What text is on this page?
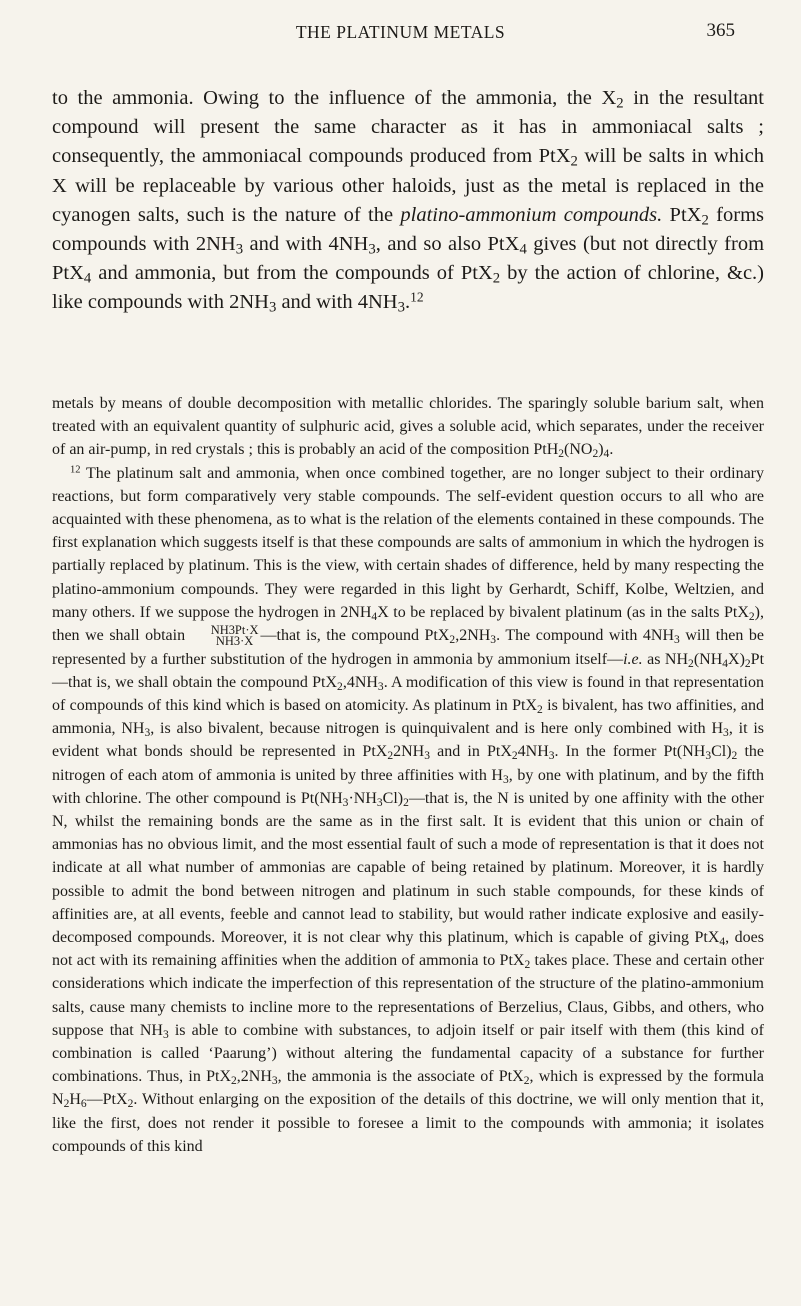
THE PLATINUM METALS	365

to the ammonia. Owing to the influence of the ammonia, the $X_2$ in the resultant compound will present the same character as it has in ammoniacal salts ; consequently, the ammoniacal compounds produced from PtX$_2$ will be salts in which X will be replaceable by various other haloids, just as the metal is replaced in the cyanogen salts, such is the nature of the platino-ammonium compounds. PtX$_2$ forms compounds with $2NH_3$ and with $4NH_3$, and so also PtX$_4$ gives (but not directly from PtX$_4$ and ammonia, but from the compounds of PtX$_2$ by the action of chlorine, &c.) like compounds with $2NH_3$ and with $4NH_3.^{12}$

metals by means of double decomposition with metallic chlorides. The sparingly soluble barium salt, when treated with an equivalent quantity of sulphuric acid, gives a soluble acid, which separates, under the receiver of an air-pump, in red crystals ; this is probably an acid of the composition $PtH_2(NO_2)_4$.

$^{12}$ The platinum salt and ammonia, when once combined together, are no longer subject to their ordinary reactions, but form comparatively very stable compounds. The self-evident question occurs to all who are acquainted with these phenomena, as to what is the relation of the elements contained in these compounds. The first explanation which suggests itself is that these compounds are salts of ammonium in which the hydrogen is partially replaced by platinum. This is the view, with certain shades of difference, held by many respecting the platino-ammonium compounds. They were regarded in this light by Gerhardt, Schiff, Kolbe, Weltzien, and many others. If we suppose the hydrogen in $2NH_4X$ to be replaced by bivalent platinum (as in the salts PtX$_2$), then we shall obtain	NH3Pt·X
NH3·X —that is, the compound $PtX_2,2NH_3$. The compound with $4NH_3$ will then be represented by a further substitution of the hydrogen in ammonia by ammonium itself—i.e. as $NH_2(NH_4X)_2Pt—that$ is, we shall obtain the compound $PtX_2,4NH_3$. A modification of this view is found in that representation of compounds of this kind which is based on atomicity. As platinum in PtX$_2$ is bivalent, has two affinities, and ammonia, $NH_3$, is also bivalent, because nitrogen is quinquivalent and is here only combined with $H_3$, it is evident what bonds should be represented in $PtX_22NH_3$ and in $PtX_24NH_3$. In the former $Pt(NH_3Cl)_2$ the nitrogen of each atom of ammonia is united by three affinities with $H_3$, by one with platinum, and by the fifth with chlorine. The other compound is $Pt(NH_3\cdot NH_3Cl)_2—that$ is, the N is united by one affinity with the other N, whilst the remaining bonds are the same as in the first salt. It is evident that this union or chain of ammonias has no obvious limit, and the most essential fault of such a mode of representation is that it does not indicate at all what number of ammonias are capable of being retained by platinum. Moreover, it is hardly possible to admit the bond between nitrogen and platinum in such stable compounds, for these kinds of affinities are, at all events, feeble and cannot lead to stability, but would rather indicate explosive and easily-decomposed compounds. Moreover, it is not clear why this platinum, which is capable of giving PtX$_4$, does not act with its remaining affinities when the addition of ammonia to PtX$_2$ takes place. These and certain other considerations which indicate the imperfection of this representation of the structure of the platino-ammonium salts, cause many chemists to incline more to the representations of Berzelius, Claus, Gibbs, and others, who suppose that $NH_3$ is able to combine with substances, to adjoin itself or pair itself with them (this kind of combination is called ‘Paarung’) without altering the fundamental capacity of a substance for further combinations. Thus, in $PtX_2,2NH_3$, the ammonia is the associate of PtX$_2$, which is expressed by the formula $N_2H_6—PtX_2$. Without enlarging on the exposition of the details of this doctrine, we will only mention that it, like the first, does not render it possible to foresee a limit to the compounds with ammonia; it isolates compounds of this kind
